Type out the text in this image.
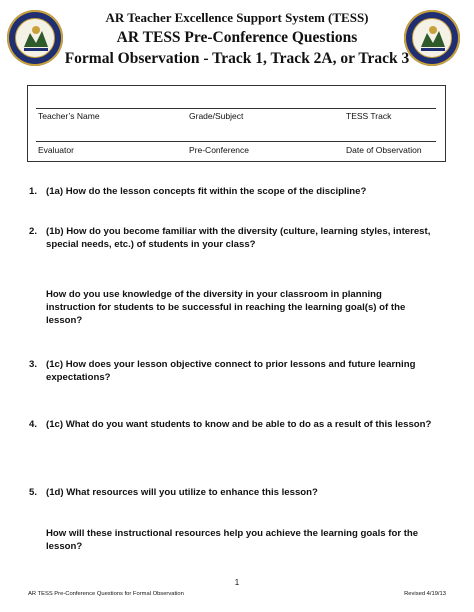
AR Teacher Excellence Support System (TESS)
AR TESS Pre-Conference Questions
Formal Observation - Track 1, Track 2A, or Track 3
Teacher’s Name	Grade/Subject	TESS Track
Evaluator	Pre-Conference	Date of Observation
1. (1a) How do the lesson concepts fit within the scope of the discipline?
2. (1b) How do you become familiar with the diversity (culture, learning styles, interest, special needs, etc.) of students in your class?
How do you use knowledge of the diversity in your classroom in planning instruction for students to be successful in reaching the learning goal(s) of the lesson?
3. (1c) How does your lesson objective connect to prior lessons and future learning expectations?
4. (1c) What do you want students to know and be able to do as a result of this lesson?
5. (1d) What resources will you utilize to enhance this lesson?
How will these instructional resources help you achieve the learning goals for the lesson?
1
AR TESS Pre-Conference Questions for Formal Observation	Revised 4/19/13
